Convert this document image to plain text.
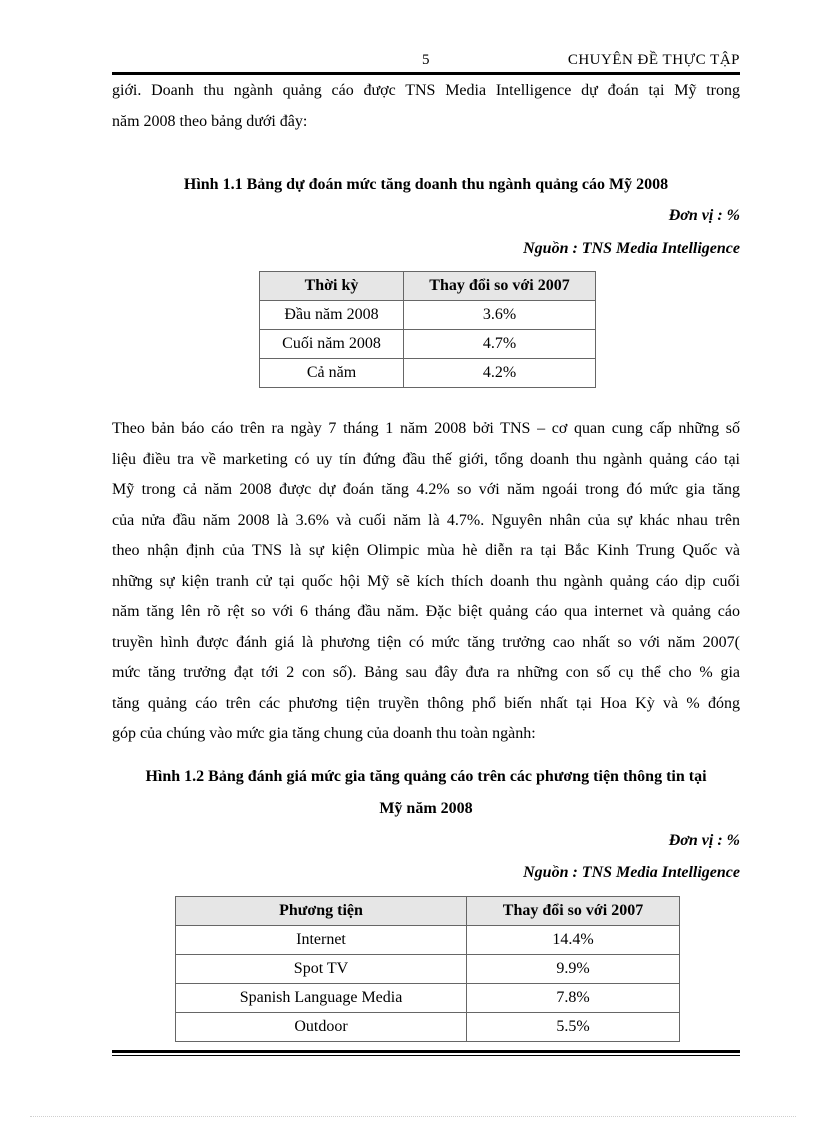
5	CHUYÊN ĐỀ THỰC TẬP

giới. Doanh thu ngành quảng cáo được TNS Media Intelligence dự đoán tại Mỹ trong
năm 2008 theo bảng dưới đây:

Hình 1.1 Bảng dự đoán mức tăng doanh thu ngành quảng cáo Mỹ 2008

Đơn vị : %

Nguồn : TNS Media Intelligence

Thời kỳ	Thay đổi so với 2007
Đầu năm 2008	3.6%
Cuối năm 2008	4.7%
Cả năm	4.2%

Theo bản báo cáo trên ra ngày 7 tháng 1 năm 2008 bởi TNS – cơ quan cung cấp những số
liệu điều tra về marketing có uy tín đứng đầu thế giới, tổng doanh thu ngành quảng cáo tại
Mỹ trong cả năm 2008 được dự đoán tăng 4.2% so với năm ngoái trong đó mức gia tăng
của nửa đầu năm 2008 là 3.6% và cuối năm là 4.7%. Nguyên nhân của sự khác nhau trên
theo nhận định của TNS là sự kiện Olimpic mùa hè diễn ra tại Bắc Kinh Trung Quốc và
những sự kiện tranh cử tại quốc hội Mỹ sẽ kích thích doanh thu ngành quảng cáo dịp cuối
năm tăng lên rõ rệt so với 6 tháng đầu năm. Đặc biệt quảng cáo qua internet và quảng cáo
truyền hình được đánh giá là phương tiện có mức tăng trưởng cao nhất so với năm 2007(
mức tăng trưởng đạt tới 2 con số). Bảng sau đây đưa ra những con số cụ thể cho % gia
tăng quảng cáo trên các phương tiện truyền thông phổ biến nhất tại Hoa Kỳ và % đóng
góp của chúng vào mức gia tăng chung của doanh thu toàn ngành:

Hình 1.2 Bảng đánh giá mức gia tăng quảng cáo trên các phương tiện thông tin tại

Mỹ năm 2008

Đơn vị : %

Nguồn : TNS Media Intelligence

Phương tiện	Thay đổi so với 2007
Internet	14.4%
Spot TV	9.9%
Spanish Language Media	7.8%
Outdoor	5.5%
